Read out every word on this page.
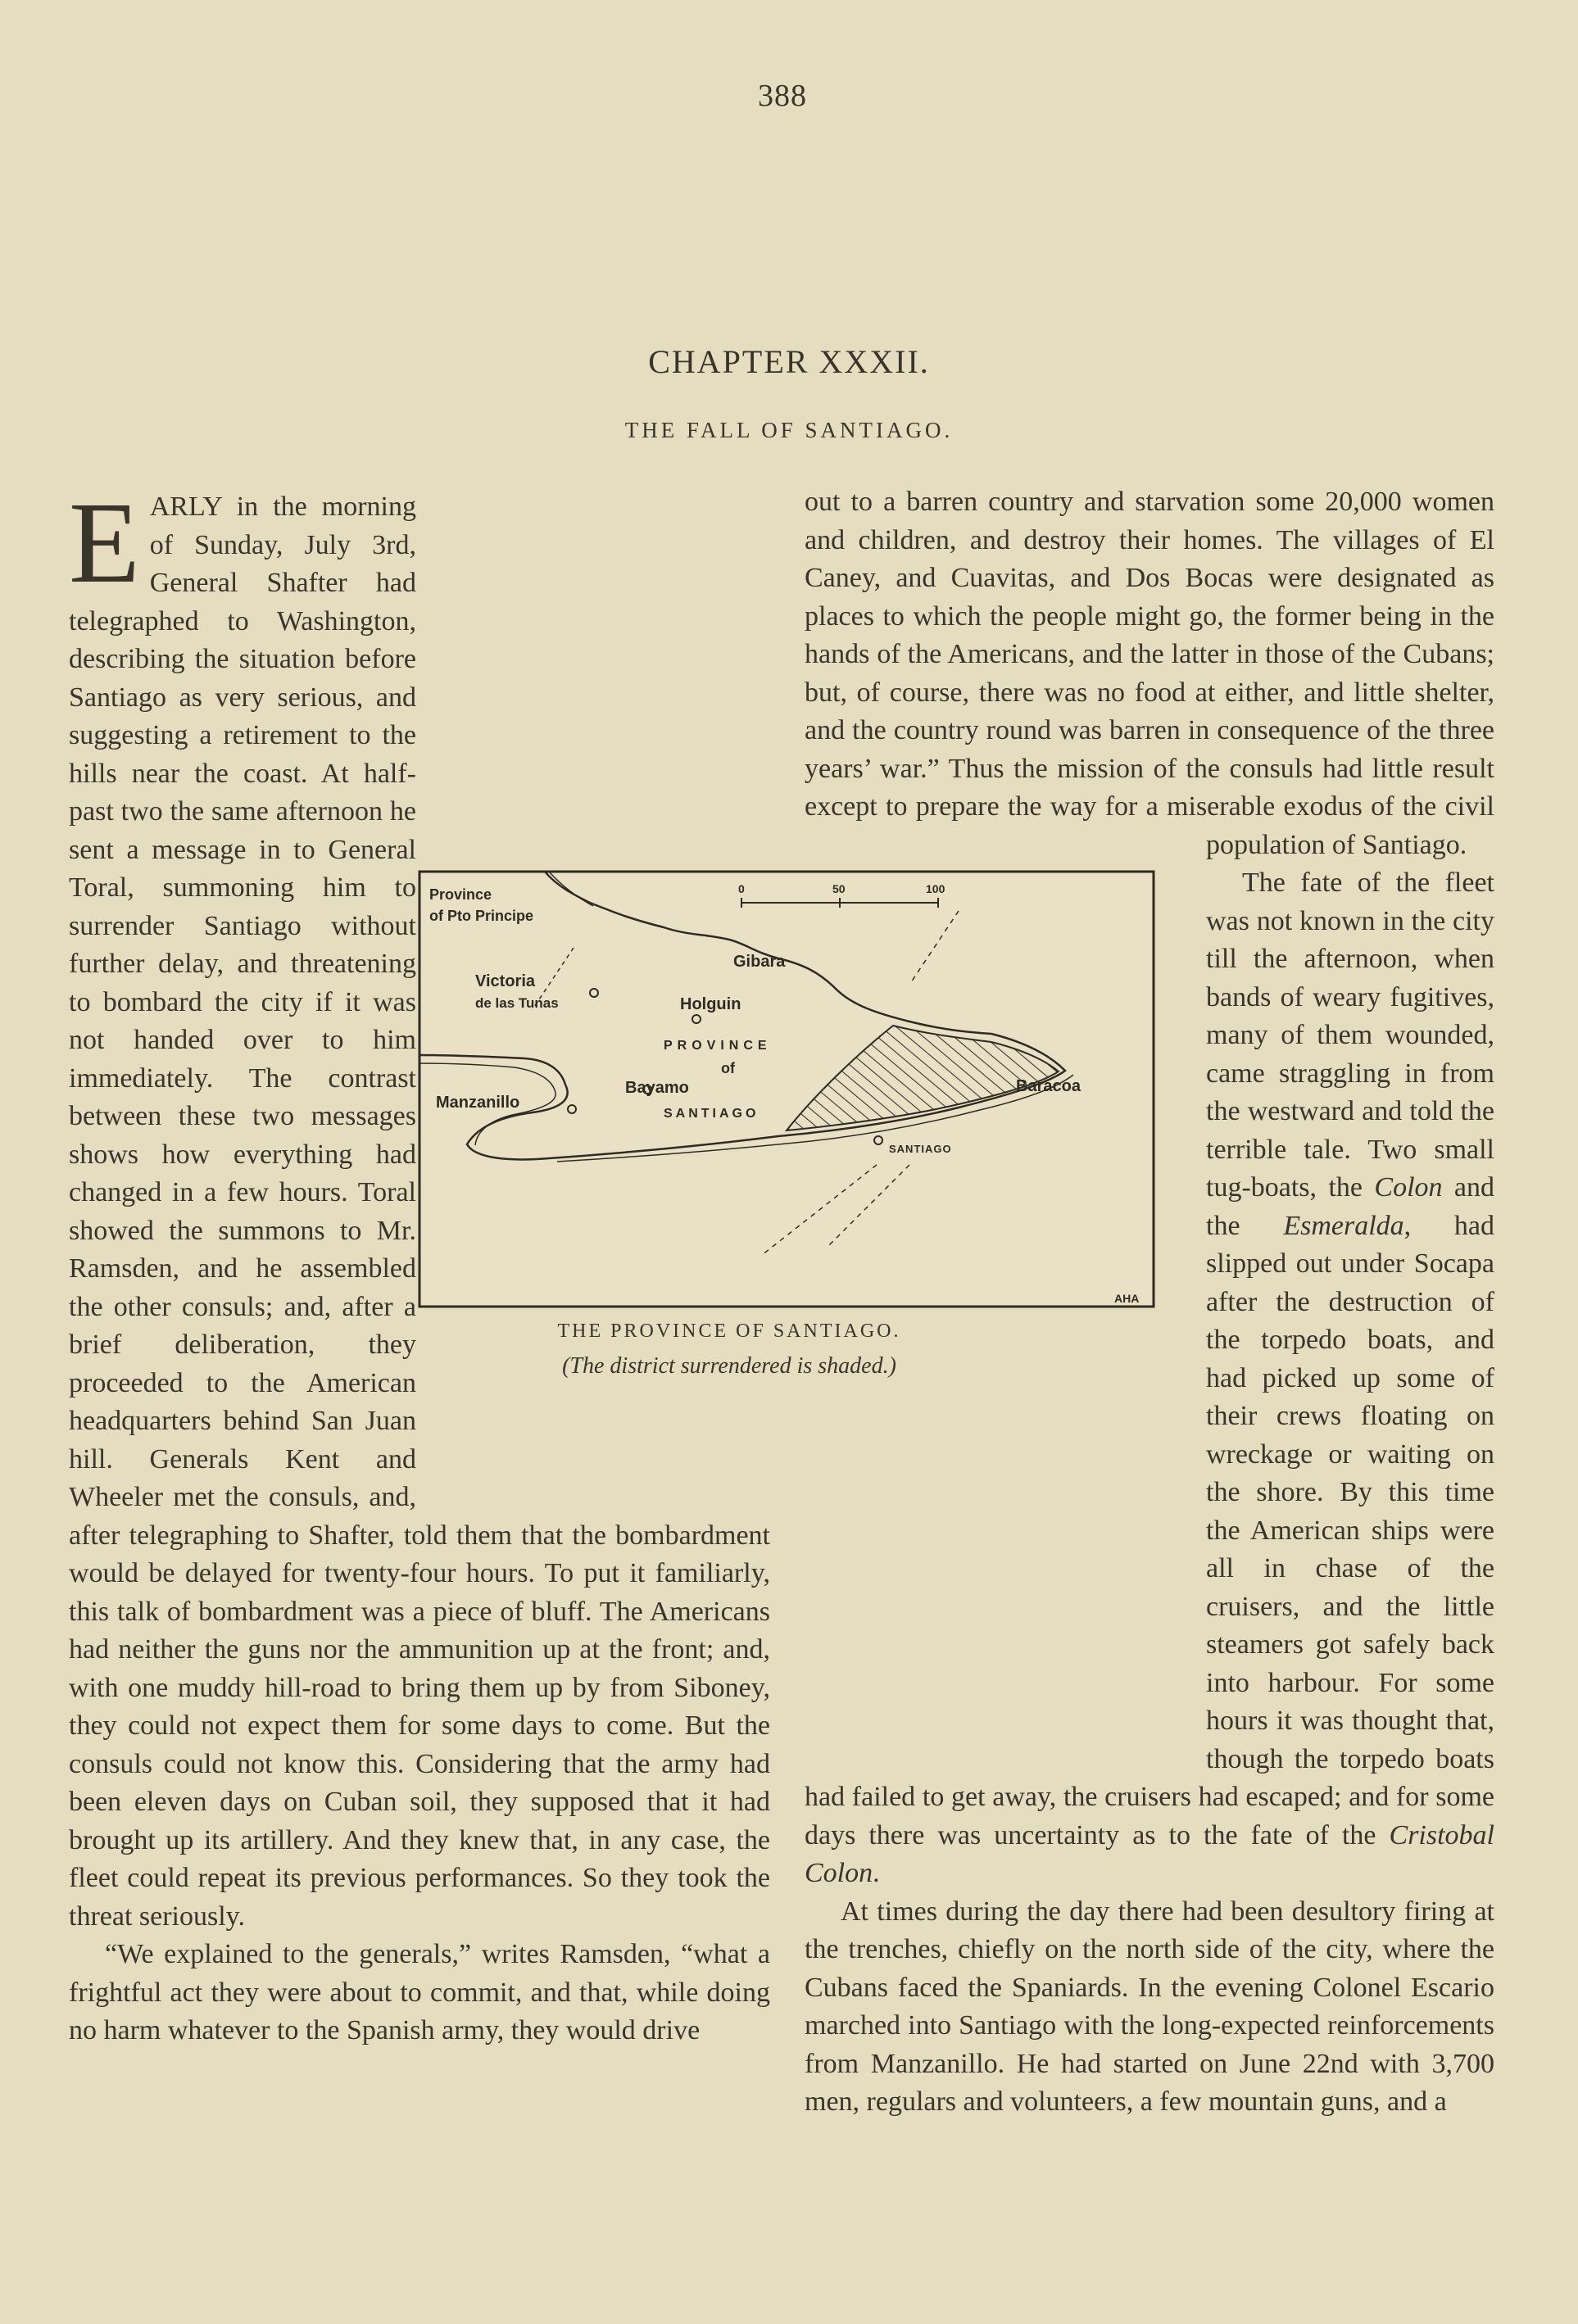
388
CHAPTER XXXII.
THE FALL OF SANTIAGO.

EARLY in the morning of Sunday, July 3rd, General Shafter had telegraphed to Washington, describing the situation before Santiago as very serious, and suggesting a retirement to the hills near the coast. At half-past two the same afternoon he sent a message in to General Toral, summoning him to surrender Santiago without further delay, and threatening to bombard the city if it was not handed over to him immediately. The contrast between these two messages shows how everything had changed in a few hours. Toral showed the summons to Mr. Ramsden, and he assembled the other consuls; and, after a brief deliberation, they proceeded to the American headquarters behind San Juan hill. Generals Kent and Wheeler met the consuls, and, after telegraphing to Shafter, told them that the bombardment would be delayed for twenty-four hours. To put it familiarly, this talk of bombardment was a piece of bluff. The Americans had neither the guns nor the ammunition up at the front; and, with one muddy hill-road to bring them up by from Siboney, they could not expect them for some days to come. But the consuls could not know this. Considering that the army had been eleven days on Cuban soil, they supposed that it had brought up its artillery. And they knew that, in any case, the fleet could repeat its previous performances. So they took the threat seriously.

“We explained to the generals,” writes Ramsden, “what a frightful act they were about to commit, and that, while doing no harm whatever to the Spanish army, they would drive

out to a barren country and starvation some 20,000 women and children, and destroy their homes. The villages of El Caney, and Cuavitas, and Dos Bocas were designated as places to which the people might go, the former being in the hands of the Americans, and the latter in those of the Cubans; but, of course, there was no food at either, and little shelter, and the country round was barren in consequence of the three years’ war.” Thus the mission of the consuls had little result except to prepare the way for a miserable exodus of the civil population of Santiago.

The fate of the fleet was not known in the city till the afternoon, when bands of weary fugitives, many of them wounded, came straggling in from the westward and told the terrible tale. Two small tug-boats, the Colon and the Esmeralda, had slipped out under Socapa after the destruction of the torpedo boats, and had picked up some of their crews floating on wreckage or waiting on the shore. By this time the American ships were all in chase of the cruisers, and the little steamers got safely back into harbour. For some hours it was thought that, though the torpedo boats had failed to get away, the cruisers had escaped; and for some days there was uncertainty as to the fate of the Cristobal Colon.

At times during the day there had been desultory firing at the trenches, chiefly on the north side of the city, where the Cubans faced the Spaniards. In the evening Colonel Escario marched into Santiago with the long-expected reinforcements from Manzanillo. He had started on June 22nd with 3,700 men, regulars and volunteers, a few mountain guns, and a

Province
of Pto Principe
Victoria
de las Tunas
Gibara
Holguin
PROVINCE
of
Bayamo
SANTIAGO
Manzanillo
Baracoa
SANTIAGO
AHA
0	50	100
THE PROVINCE OF SANTIAGO.
(The district surrendered is shaded.)
